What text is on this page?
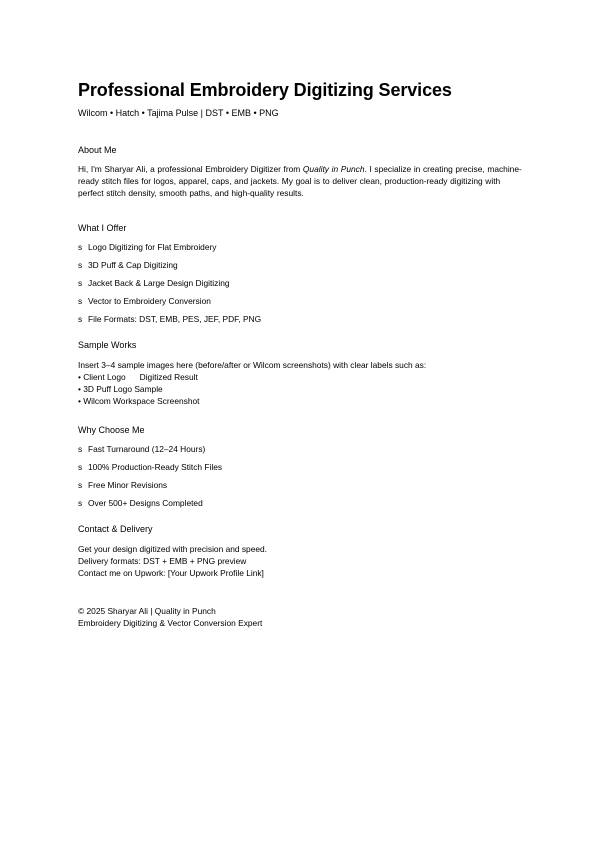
Professional Embroidery Digitizing Services
Wilcom • Hatch • Tajima Pulse | DST • EMB • PNG
About Me

Hi, I'm Sharyar Ali, a professional Embroidery Digitizer from Quality in Punch. I specialize in creating precise, machine-ready stitch files for logos, apparel, caps, and jackets. My goal is to deliver clean, production-ready digitizing with perfect stitch density, smooth paths, and high-quality results.

What I Offer
s Logo Digitizing for Flat Embroidery
s 3D Puff & Cap Digitizing
s Jacket Back & Large Design Digitizing
s Vector to Embroidery Conversion
s File Formats: DST, EMB, PES, JEF, PDF, PNG
Sample Works
Insert 3–4 sample images here (before/after or Wilcom screenshots) with clear labels such as:
• Client Logo Digitized Result
• 3D Puff Logo Sample
• Wilcom Workspace Screenshot
Why Choose Me
s Fast Turnaround (12–24 Hours)
s 100% Production-Ready Stitch Files
s Free Minor Revisions
s Over 500+ Designs Completed
Contact & Delivery
Get your design digitized with precision and speed.
Delivery formats: DST + EMB + PNG preview
Contact me on Upwork: [Your Upwork Profile Link]
© 2025 Sharyar Ali | Quality in Punch
Embroidery Digitizing & Vector Conversion Expert
